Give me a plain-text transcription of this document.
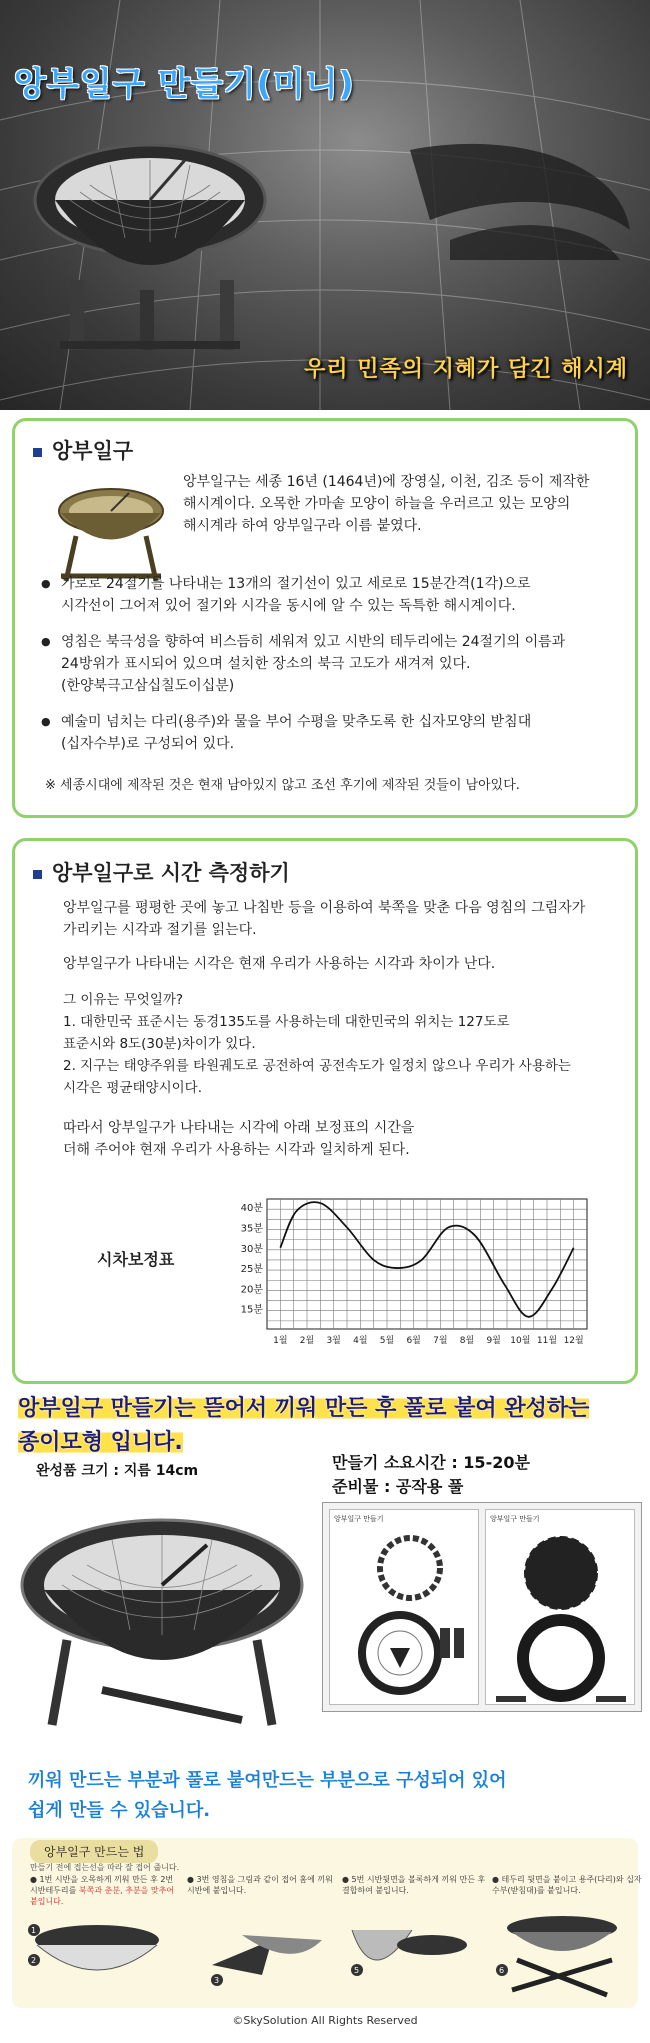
앙부일구 만들기(미니)
우리 민족의 지혜가 담긴 해시계
앙부일구
앙부일구는 세종 16년 (1464년)에 장영실, 이천, 김조 등이 제작한
해시계이다. 오목한 가마솥 모양이 하늘을 우러르고 있는 모양의
해시계라 하여 앙부일구라 이름 붙였다.
● 가로로 24절기를 나타내는 13개의 절기선이 있고 세로로 15분간격(1각)으로
시각선이 그어져 있어 절기와 시각을 동시에 알 수 있는 독특한 해시계이다.
● 영침은 북극성을 향하여 비스듬히 세워져 있고 시반의 테두리에는 24절기의 이름과
24방위가 표시되어 있으며 설치한 장소의 북극 고도가 새겨져 있다.
(한양북극고삼십칠도이십분)
● 예술미 넘치는 다리(용주)와 물을 부어 수평을 맞추도록 한 십자모양의 받침대
(십자수부)로 구성되어 있다.
※ 세종시대에 제작된 것은 현재 남아있지 않고 조선 후기에 제작된 것들이 남아있다.
앙부일구로 시간 측정하기
앙부일구를 평평한 곳에 놓고 나침반 등을 이용하여 북쪽을 맞춘 다음 영침의 그림자가
가리키는 시각과 절기를 읽는다.
앙부일구가 나타내는 시각은 현재 우리가 사용하는 시각과 차이가 난다.
그 이유는 무엇일까?
1. 대한민국 표준시는 동경135도를 사용하는데 대한민국의 위치는 127도로
표준시와 8도(30분)차이가 있다.
2. 지구는 태양주위를 타원궤도로 공전하여 공전속도가 일정치 않으나 우리가 사용하는
시각은 평균태양시이다.
따라서 앙부일구가 나타내는 시각에 아래 보정표의 시간을
더해 주어야 현재 우리가 사용하는 시각과 일치하게 된다.
시차보정표
15분
20분
25분
30분
35분
40분
1월 2월 3월 4월 5월 6월 7월 8월 9월 10월 11월 12월
앙부일구 만들기는 뜯어서 끼워 만든 후 풀로 붙여 완성하는
종이모형 입니다.
완성품 크기 : 지름 14cm	만들기 소요시간 : 15-20분
준비물 : 공작용 풀
앙부일구 만들기	앙부일구 만들기
끼워 만드는 부분과 풀로 붙여만드는 부분으로 구성되어 있어
쉽게 만들 수 있습니다.
앙부일구 만드는 법
만들기 전에 접는선을 따라 잘 접어 줍니다.
● 1번 시반을 오목하게 끼워 만든 후 2번 시반테두리를 북쪽과 춘분, 추분을 맞추어 붙입니다.
● 3번 영침을 그림과 같이 접어 홈에 끼워 시반에 붙입니다.
● 5번 시반뒷면을 볼록하게 끼워 만든 후 결합하여 붙입니다.
● 테두리 뒷면을 붙이고 용주(다리)와 십자수부(받침대)를 붙입니다.
1
2
3
5	6
©SkySolution All Rights Reserved
